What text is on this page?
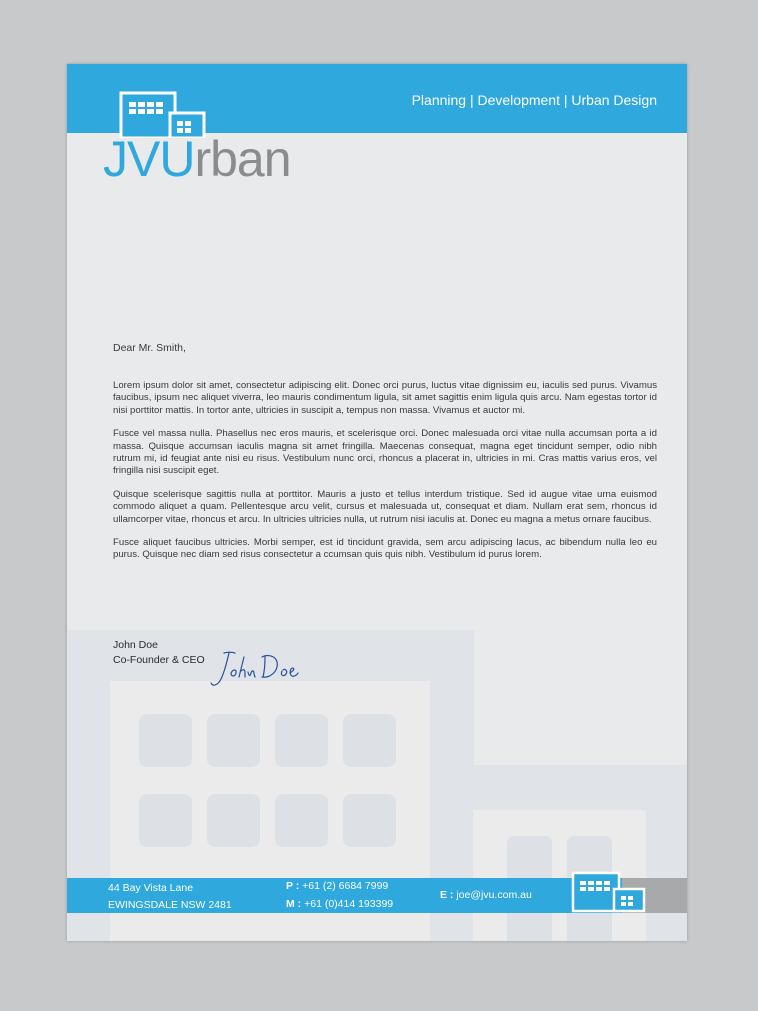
Planning | Development | Urban Design
JVUrban
Dear Mr. Smith,

Lorem ipsum dolor sit amet, consectetur adipiscing elit. Donec orci purus, luctus vitae dignissim eu, iaculis sed purus. Vivamus faucibus, ipsum nec aliquet viverra, leo mauris condimentum ligula, sit amet sagittis enim ligula quis arcu. Nam egestas tortor id nisi porttitor mattis. In tortor ante, ultricies in suscipit a, tempus non massa. Vivamus et auctor mi.

Fusce vel massa nulla. Phasellus nec eros mauris, et scelerisque orci. Donec malesuada orci vitae nulla accumsan porta a id massa. Quisque accumsan iaculis magna sit amet fringilla. Maecenas consequat, magna eget tincidunt semper, odio nibh rutrum mi, id feugiat ante nisi eu risus. Vestibulum nunc orci, rhoncus a placerat in, ultricies in mi. Cras mattis varius eros, vel fringilla nisi suscipit eget.

Quisque scelerisque sagittis nulla at porttitor. Mauris a justo et tellus interdum tristique. Sed id augue vitae urna euismod commodo aliquet a quam. Pellentesque arcu velit, cursus et malesuada ut, consequat et diam. Nullam erat sem, rhoncus id ullamcorper vitae, rhoncus et arcu. In ultricies ultricies nulla, ut rutrum nisi iaculis at. Donec eu magna a metus ornare faucibus.

Fusce aliquet faucibus ultricies. Morbi semper, est id tincidunt gravida, sem arcu adipiscing lacus, ac bibendum nulla leo eu purus. Quisque nec diam sed risus consectetur a ccumsan quis quis nibh. Vestibulum id purus lorem.

John Doe
Co-Founder & CEO
44 Bay Vista Lane
EWINGSDALE NSW 2481
P : +61 (2) 6684 7999
M : +61 (0)414 193399
E : joe@jvu.com.au
